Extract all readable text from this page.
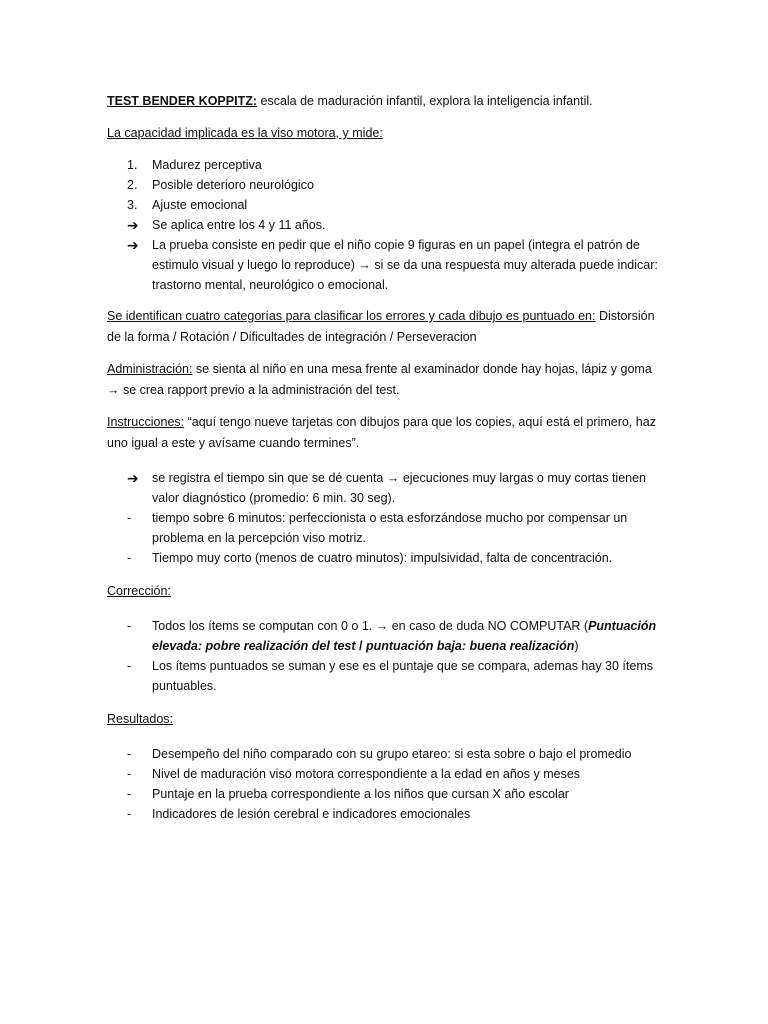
TEST BENDER KOPPITZ: escala de maduración infantil, explora la inteligencia infantil.

La capacidad implicada es la viso motora, y mide:

1.	Madurez perceptiva
2.	Posible deterioro neurológico
3.	Ajuste emocional
➔	Se aplica entre los 4 y 11 años.
➔	La prueba consiste en pedir que el niño copie 9 figuras en un papel (integra el patrón de estimulo visual y luego lo reproduce) → si se da una respuesta muy alterada puede indicar: trastorno mental, neurológico o emocional.

Se identifican cuatro categorías para clasificar los errores y cada dibujo es puntuado en: Distorsión de la forma / Rotación / Dificultades de integración / Perseveracion

Administración: se sienta al niño en una mesa frente al examinador donde hay hojas, lápiz y goma → se crea rapport previo a la administración del test.

Instrucciones: “aquí tengo nueve tarjetas con dibujos para que los copies, aquí está el primero, haz uno igual a este y avísame cuando termines”.

➔	se registra el tiempo sin que se dé cuenta → ejecuciones muy largas o muy cortas tienen valor diagnóstico (promedio: 6 min. 30 seg).
-	tiempo sobre 6 minutos: perfeccionista o esta esforzándose mucho por compensar un problema en la percepción viso motriz.
-	Tiempo muy corto (menos de cuatro minutos): impulsividad, falta de concentración.

Corrección:

-	Todos los ítems se computan con 0 o 1. → en caso de duda NO COMPUTAR (Puntuación elevada: pobre realización del test / puntuación baja: buena realización)
-	Los ítems puntuados se suman y ese es el puntaje que se compara, ademas hay 30 ítems puntuables.

Resultados:

-	Desempeño del niño comparado con su grupo etareo: si esta sobre o bajo el promedio
-	Nivel de maduración viso motora correspondiente a la edad en años y meses
-	Puntaje en la prueba correspondiente a los niños que cursan X año escolar
-	Indicadores de lesión cerebral e indicadores emocionales
